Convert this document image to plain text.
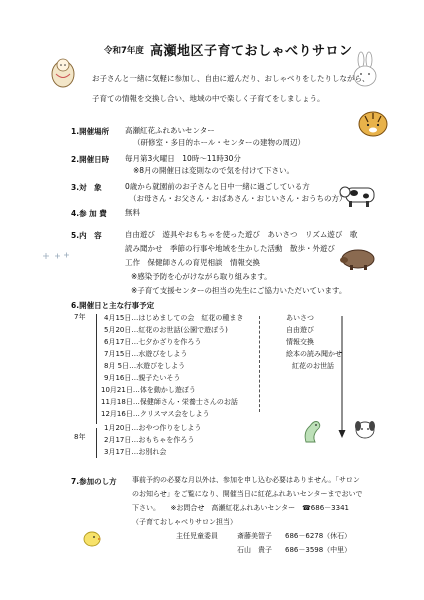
令和7年度 高瀬地区子育ておしゃべりサロン
お子さんと一緒に気軽に参加し、自由に遊んだり、おしゃべりをしたりしながら、
子育ての情報を交換し合い、地域の中で楽しく子育てをしましょう。
1.開催場所 高瀬紅花ふれあいセンター
（研修室・多目的ホール・センターの建物の周辺）
2.開催日時 毎月第3火曜日　10時～11時30分
※8月の開催日は変則なので気を付けて下さい。
3.対　象	0歳から就園前のお子さんと日中一緒に過ごしている方
（お母さん・お父さん・おばあさん・おじいさん・おうちの方）
4.参 加 費 無料
5.内　容	自由遊び　遊具やおもちゃを使った遊び　あいさつ　リズム遊び　歌
読み聞かせ　季節の行事や地域を生かした活動　散歩・外遊び
工作　保健師さんの育児相談　情報交換
※感染予防を心がけながら取り組みます。
※子育て支援センターの担当の先生にご協力いただいています。
6.開催日と主な行事予定
7年
8年
4月15日…はじめましての会　紅花の種まき
5月20日…紅花のお世話(公園で遊ぼう)
6月17日…七夕かざりを作ろう
7月15日…水遊びをしよう
8月 5日…水遊びをしよう
9月16日…親子たいそう
10月21日…体を動かし遊ぼう
11月18日…保健師さん・栄養士さんのお話
12月16日…クリスマス会をしよう
1月20日…おやつ作りをしよう
2月17日…おもちゃを作ろう
3月17日…お別れ会
あいさつ
自由遊び
情報交換
絵本の読み聞かせ
紅花のお世話
7.参加のし方 事前予約の必要な月以外は、参加を申し込む必要はありません。「サロン
のお知らせ」をご覧になり、開催当日に紅花ふれあいセンターまでおいで
下さい。　　※お問合せ　高瀬紅花ふれあいセンター　☎686－3341
（子育ておしゃべりサロン担当）
主任児童委員	斎藤美智子 686－6278（休石）
石山　貴子 686－3598（中里）
